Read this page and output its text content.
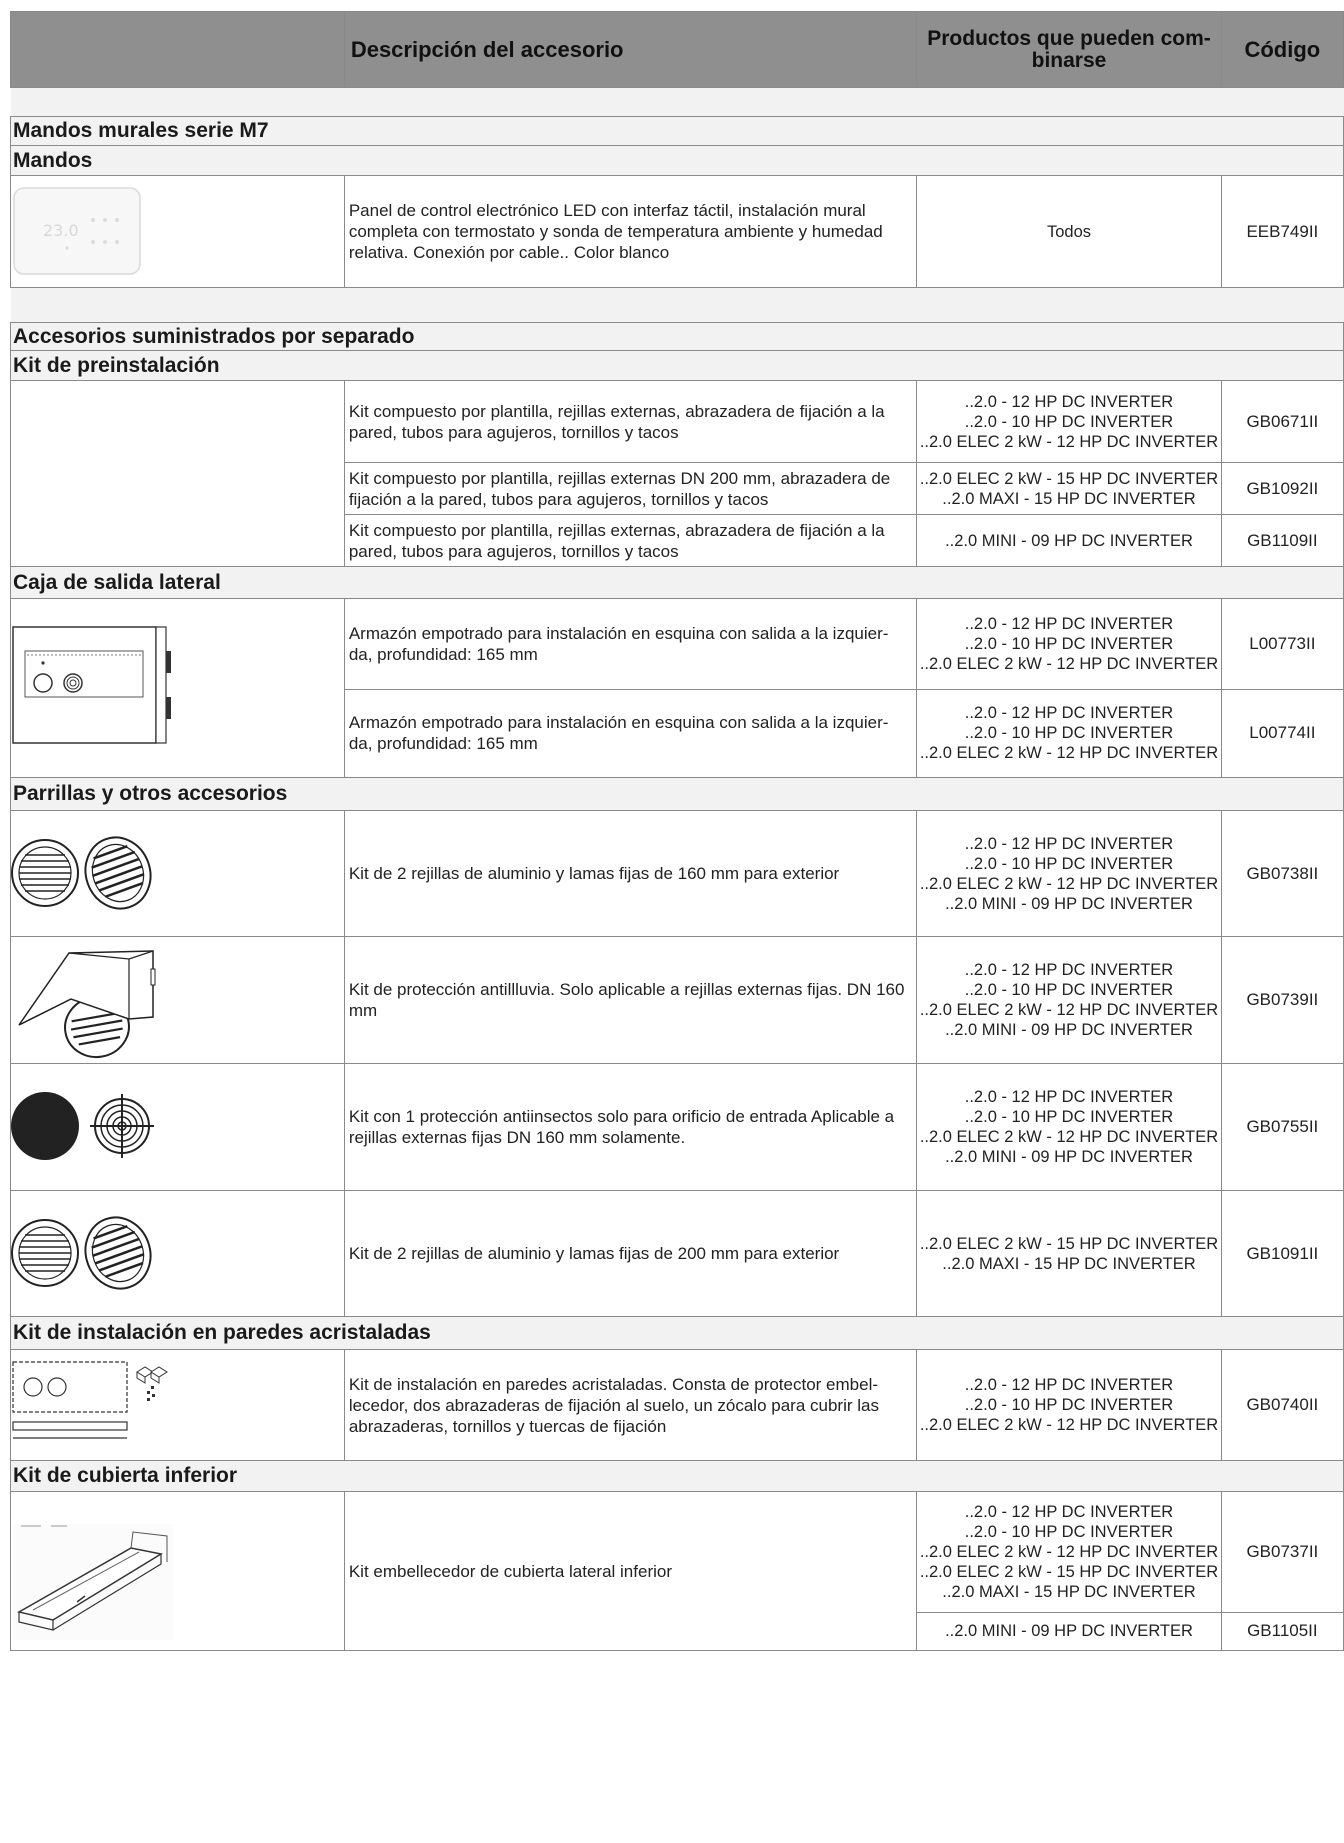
	Descripción del accesorio	Productos que pueden com-binarse	Código

Mandos murales serie M7			
Mandos			

23.0	Panel de control electrónico LED con interfaz táctil, instalación mural completa con termostato y sonda de temperatura ambiente y humedad relativa. Conexión por cable.. Color blanco	Todos	EEB749II

Accesorios suministrados por separado			
Kit de preinstalación			
	Kit compuesto por plantilla, rejillas externas, abrazadera de fijación a la pared, tubos para agujeros, tornillos y tacos	..2.0 - 12 HP DC INVERTER
..2.0 - 10 HP DC INVERTER
..2.0 ELEC 2 kW - 12 HP DC INVERTER	GB0671II
	Kit compuesto por plantilla, rejillas externas DN 200 mm, abrazadera de fijación a la pared, tubos para agujeros, tornillos y tacos	..2.0 ELEC 2 kW - 15 HP DC INVERTER
..2.0 MAXI - 15 HP DC INVERTER	GB1092II
	Kit compuesto por plantilla, rejillas externas, abrazadera de fijación a la pared, tubos para agujeros, tornillos y tacos	..2.0 MINI - 09 HP DC INVERTER	GB1109II
Caja de salida lateral			

	Armazón empotrado para instalación en esquina con salida a la izquier-da, profundidad: 165 mm	..2.0 - 12 HP DC INVERTER
..2.0 - 10 HP DC INVERTER
..2.0 ELEC 2 kW - 12 HP DC INVERTER	L00773II
	Armazón empotrado para instalación en esquina con salida a la izquier-da, profundidad: 165 mm	..2.0 - 12 HP DC INVERTER
..2.0 - 10 HP DC INVERTER
..2.0 ELEC 2 kW - 12 HP DC INVERTER	L00774II
Parrillas y otros accesorios			

	Kit de 2 rejillas de aluminio y lamas fijas de 160 mm para exterior	..2.0 - 12 HP DC INVERTER
..2.0 - 10 HP DC INVERTER
..2.0 ELEC 2 kW - 12 HP DC INVERTER
..2.0 MINI - 09 HP DC INVERTER	GB0738II

	Kit de protección antillluvia. Solo aplicable a rejillas externas fijas. DN 160 mm	..2.0 - 12 HP DC INVERTER
..2.0 - 10 HP DC INVERTER
..2.0 ELEC 2 kW - 12 HP DC INVERTER
..2.0 MINI - 09 HP DC INVERTER	GB0739II

	Kit con 1 protección antiinsectos solo para orificio de entrada Aplicable a rejillas externas fijas DN 160 mm solamente.	..2.0 - 12 HP DC INVERTER
..2.0 - 10 HP DC INVERTER
..2.0 ELEC 2 kW - 12 HP DC INVERTER
..2.0 MINI - 09 HP DC INVERTER	GB0755II

	Kit de 2 rejillas de aluminio y lamas fijas de 200 mm para exterior	..2.0 ELEC 2 kW - 15 HP DC INVERTER
..2.0 MAXI - 15 HP DC INVERTER	GB1091II
Kit de instalación en paredes acristaladas			

	Kit de instalación en paredes acristaladas. Consta de protector embel-lecedor, dos abrazaderas de fijación al suelo, un zócalo para cubrir las abrazaderas, tornillos y tuercas de fijación	..2.0 - 12 HP DC INVERTER
..2.0 - 10 HP DC INVERTER
..2.0 ELEC 2 kW - 12 HP DC INVERTER	GB0740II
Kit de cubierta inferior			

	Kit embellecedor de cubierta lateral inferior	..2.0 - 12 HP DC INVERTER
..2.0 - 10 HP DC INVERTER
..2.0 ELEC 2 kW - 12 HP DC INVERTER
..2.0 ELEC 2 kW - 15 HP DC INVERTER
..2.0 MAXI - 15 HP DC INVERTER	GB0737II

		..2.0 MINI - 09 HP DC INVERTER	GB1105II
